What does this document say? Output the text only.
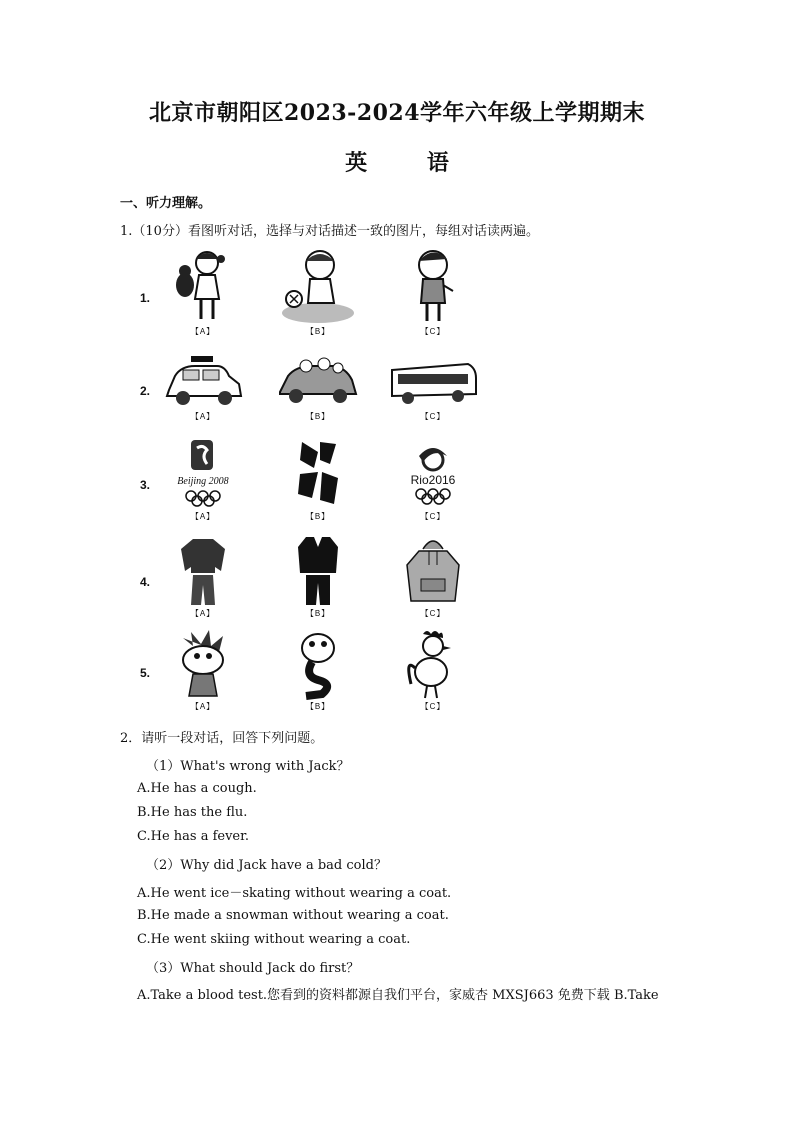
北京市朝阳区2023-2024学年六年级上学期期末
英	语
一、听力理解。
1.（10分）看图听对话，选择与对话描述一致的图片，每组对话读两遍。
1.
【A】	【B】	【C】
2.
【A】	【B】	【C】
3.	Beijing 2008
【A】	【B】
Rio2016
【C】
4.
【A】	【B】	【C】
5.
【A】	【B】	【C】
2．请听一段对话，回答下列问题。
（1）What's wrong with Jack？
A.He has a cough.
B.He has the flu.
C.He has a fever.
（2）Why did Jack have a bad cold？
A.He went ice－skating without wearing a coat.
B.He made a snowman without wearing a coat.
C.He went skiing without wearing a coat.
（3）What should Jack do first？
A.Take a blood test.您看到的资料都源自我们平台，家威杏 MXSJ663 免费下载 B.Take
